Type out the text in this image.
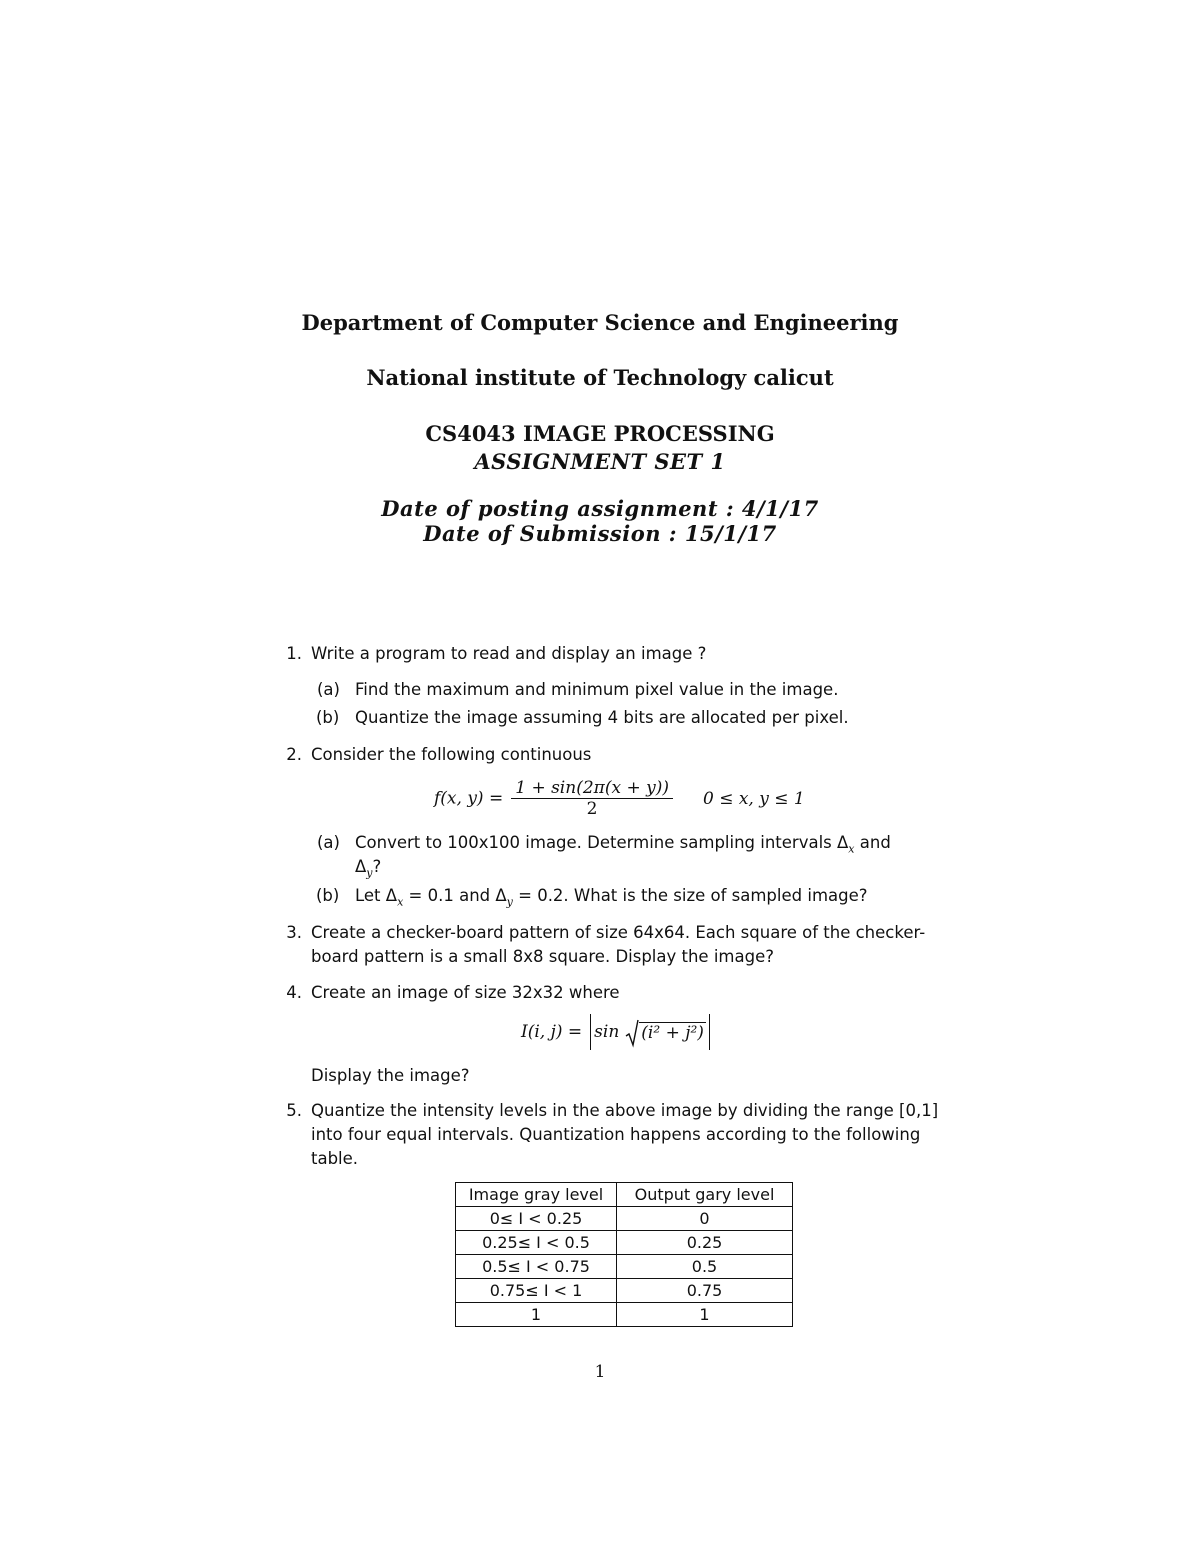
Department of Computer Science and Engineering
National institute of Technology calicut
CS4043 IMAGE PROCESSING
ASSIGNMENT SET 1
Date of posting assignment : 4/1/17
Date of Submission : 15/1/17
1. Write a program to read and display an image ?
(a) Find the maximum and minimum pixel value in the image.
(b) Quantize the image assuming 4 bits are allocated per pixel.
2. Consider the following continuous
f(x, $y) = \frac{1 + \sin(2\pi(x + y))}{2} 0 \le x$, y ≤ 1
(a) Convert to 100x100 image. Determine sampling intervals $\Delta_x$ and
$\Delta_y$?
(b) Let $\Delta_x = 0.1$ and $\Delta_y = 0.2$. What is the size of sampled image?
3. Create a checker-board pattern of size 64x64. Each square of the checker-
board pattern is a small 8x8 square. Display the image?
4. Create an image of size 32x32 where
I(i, j) = sin (i² + j²)
Display the image?
5. Quantize the intensity levels in the above image by dividing the range [0,1]
into four equal intervals. Quantization happens according to the following
table.
Image gray level	Output gary level
0≤ I < 0.25	0
0.25≤ I < 0.5	0.25
0.5≤ I < 0.75	0.5
0.75≤ I < 1	0.75
1	1
1
